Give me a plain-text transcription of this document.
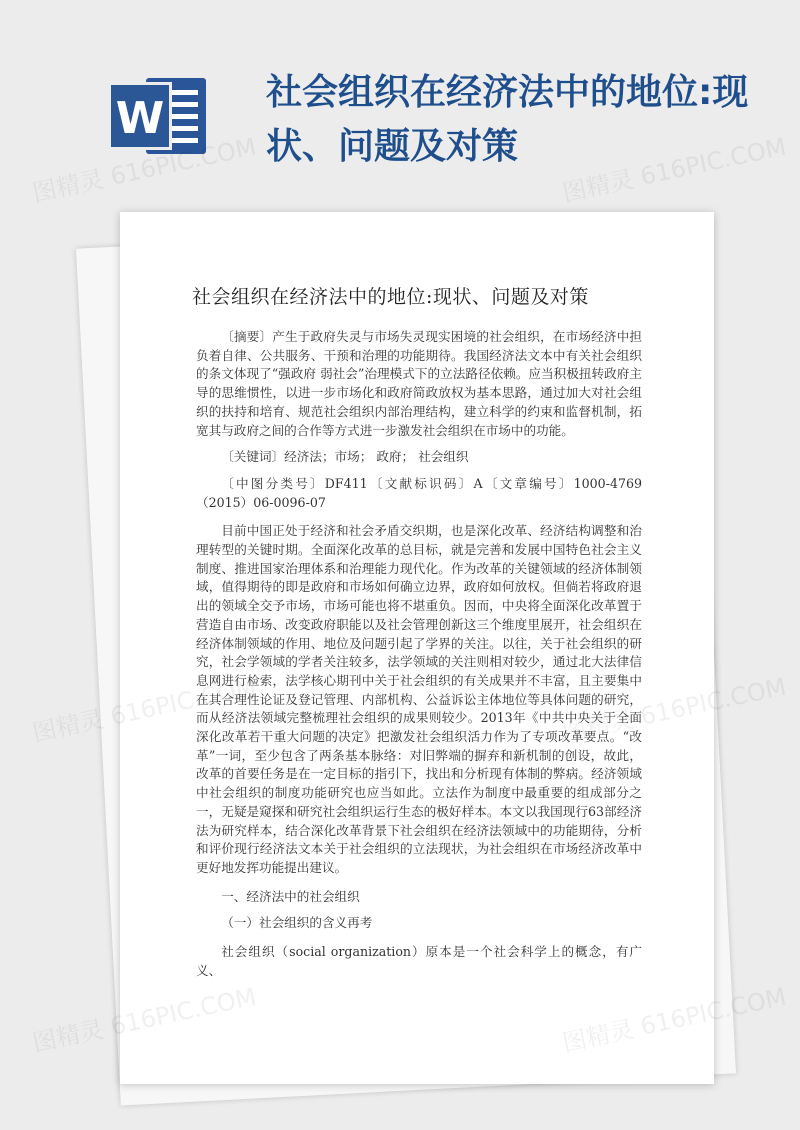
W
社会组织在经济法中的地位:现状、问题及对策
社会组织在经济法中的地位:现状、问题及对策

〔摘要〕产生于政府失灵与市场失灵现实困境的社会组织，在市场经济中担负着自律、公共服务、干预和治理的功能期待。我国经济法文本中有关社会组织的条文体现了“强政府 弱社会”治理模式下的立法路径依赖。应当积极扭转政府主导的思维惯性，以进一步市场化和政府简政放权为基本思路，通过加大对社会组织的扶持和培育、规范社会组织内部治理结构，建立科学的约束和监督机制，拓宽其与政府之间的合作等方式进一步激发社会组织在市场中的功能。

〔关键词〕经济法；市场； 政府； 社会组织

〔中图分类号〕DF411〔文献标识码〕A〔文章编号〕1000-4769（2015）06-0096-07

目前中国正处于经济和社会矛盾交织期，也是深化改革、经济结构调整和治理转型的关键时期。全面深化改革的总目标，就是完善和发展中国特色社会主义制度、推进国家治理体系和治理能力现代化。作为改革的关键领域的经济体制领域，值得期待的即是政府和市场如何确立边界，政府如何放权。但倘若将政府退出的领域全交予市场，市场可能也将不堪重负。因而，中央将全面深化改革置于营造自由市场、改变政府职能以及社会管理创新这三个维度里展开，社会组织在经济体制领域的作用、地位及问题引起了学界的关注。以往，关于社会组织的研究，社会学领域的学者关注较多，法学领域的关注则相对较少，通过北大法律信息网进行检索，法学核心期刊中关于社会组织的有关成果并不丰富，且主要集中在其合理性论证及登记管理、内部机构、公益诉讼主体地位等具体问题的研究，而从经济法领域完整梳理社会组织的成果则较少。2013年《中共中央关于全面深化改革若干重大问题的决定》把激发社会组织活力作为了专项改革要点。“改革”一词，至少包含了两条基本脉络：对旧弊端的摒弃和新机制的创设，故此，改革的首要任务是在一定目标的指引下，找出和分析现有体制的弊病。经济领域中社会组织的制度功能研究也应当如此。立法作为制度中最重要的组成部分之一，无疑是窥探和研究社会组织运行生态的极好样本。本文以我国现行63部经济法为研究样本，结合深化改革背景下社会组织在经济法领域中的功能期待，分析和评价现行经济法文本关于社会组织的立法现状，为社会组织在市场经济改革中更好地发挥功能提出建议。

一、经济法中的社会组织

（一）社会组织的含义再考

社会组织（social organization）原本是一个社会科学上的概念，有广义、

图精灵 616PIC.COM	图精灵 616PIC.COM
图精灵
图精灵
